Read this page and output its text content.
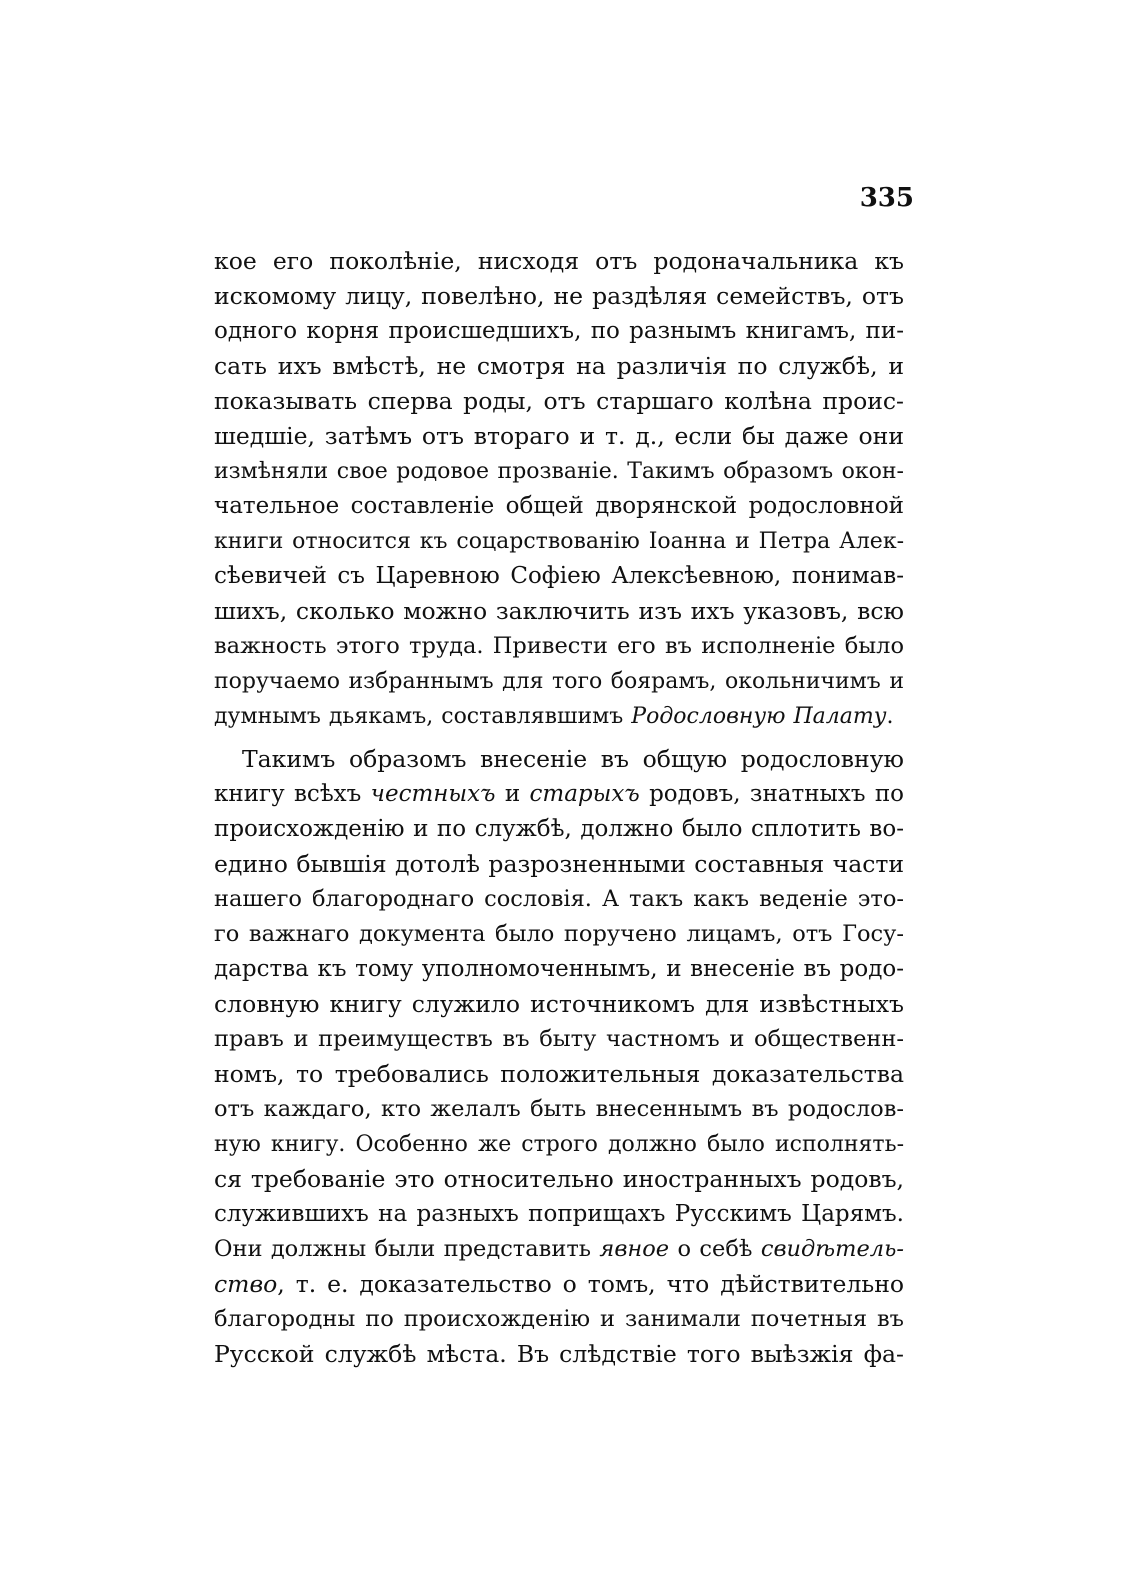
335
кое его поколѣніе, нисходя отъ родоначальника къ
искомому лицу, повелѣно, не раздѣляя семействъ, отъ
одного корня происшедшихъ, по разнымъ книгамъ, пи-
сать ихъ вмѣстѣ, не смотря на различія по службѣ, и
показывать сперва роды, отъ старшаго колѣна проис-
шедшіе, затѣмъ отъ втораго и т. д., если бы даже они
измѣняли свое родовое прозваніе. Такимъ образомъ окон-
чательное составленіе общей дворянской родословной
книги относится къ соцарствованію Іоанна и Петра Алек-
сѣевичей съ Царевною Софіею Алексѣевною, понимав-
шихъ, сколько можно заключить изъ ихъ указовъ, всю
важность этого труда. Привести его въ исполненіе было
поручаемо избраннымъ для того боярамъ, окольничимъ и
думнымъ дьякамъ, составлявшимъ Родословную Палату.
Такимъ образомъ внесеніе въ общую родословную
книгу всѣхъ честныхъ и старыхъ родовъ, знатныхъ по
происхожденію и по службѣ, должно было сплотить во-
едино бывшія дотолѣ разрозненными составныя части
нашего благороднаго сословія. А такъ какъ веденіе это-
го важнаго документа было поручено лицамъ, отъ Госу-
дарства къ тому уполномоченнымъ, и внесеніе въ родо-
словную книгу служило источникомъ для извѣстныхъ
правъ и преимуществъ въ быту частномъ и общественн-
номъ, то требовались положительныя доказательства
отъ каждаго, кто желалъ быть внесеннымъ въ родослов-
ную книгу. Особенно же строго должно было исполнять-
ся требованіе это относительно иностранныхъ родовъ,
служившихъ на разныхъ поприщахъ Русскимъ Царямъ.
Они должны были представить явное о себѣ свидѣтель-
ство, т. е. доказательство о томъ, что дѣйствительно
благородны по происхожденію и занимали почетныя въ
Русской службѣ мѣста. Въ слѣдствіе того выѣзжія фа-
